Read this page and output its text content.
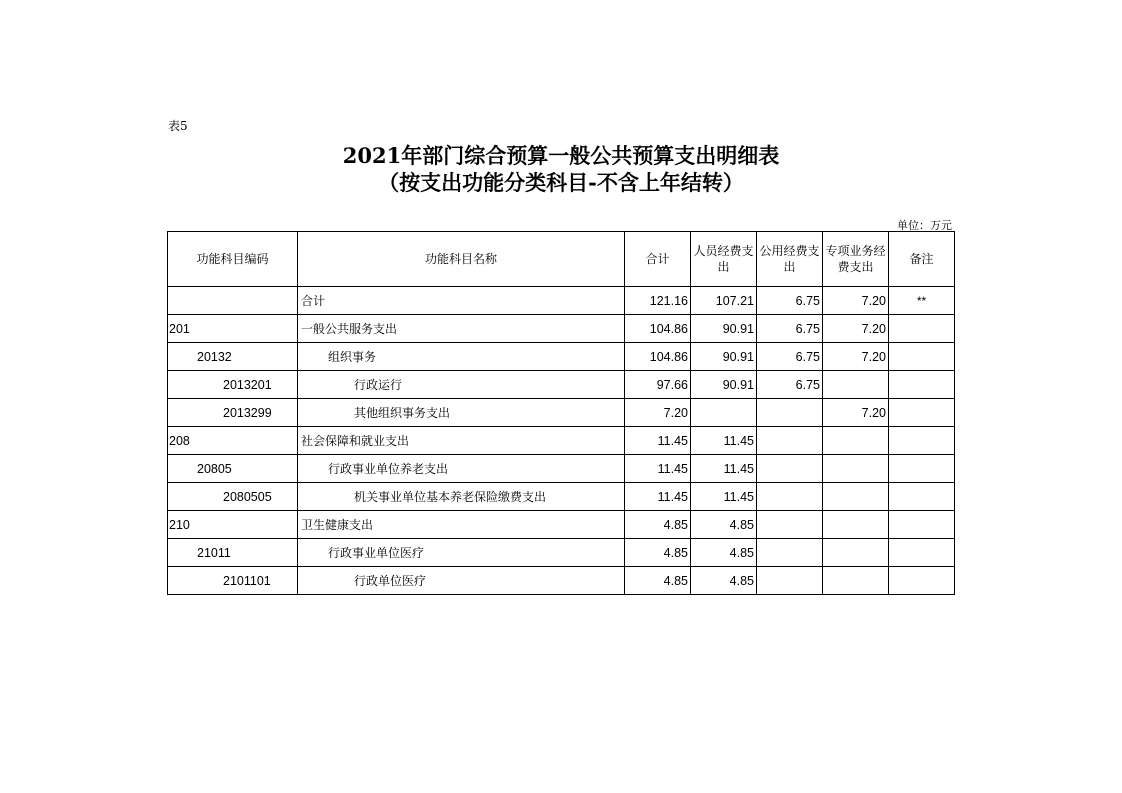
表5
2021年部门综合预算一般公共预算支出明细表
（按支出功能分类科目-不含上年结转）
单位：万元
功能科目编码	功能科目名称	合计	人员经费支出	公用经费支出	专项业务经费支出	备注
	合计	121.16	107.21	6.75	7.20	**
201	一般公共服务支出	104.86	90.91	6.75	7.20	
20132	组织事务	104.86	90.91	6.75	7.20	
2013201	行政运行	97.66	90.91	6.75		
2013299	其他组织事务支出	7.20			7.20	
208	社会保障和就业支出	11.45	11.45			
20805	行政事业单位养老支出	11.45	11.45			
2080505	机关事业单位基本养老保险缴费支出	11.45	11.45			
210	卫生健康支出	4.85	4.85			
21011	行政事业单位医疗	4.85	4.85			
2101101	行政单位医疗	4.85	4.85			
